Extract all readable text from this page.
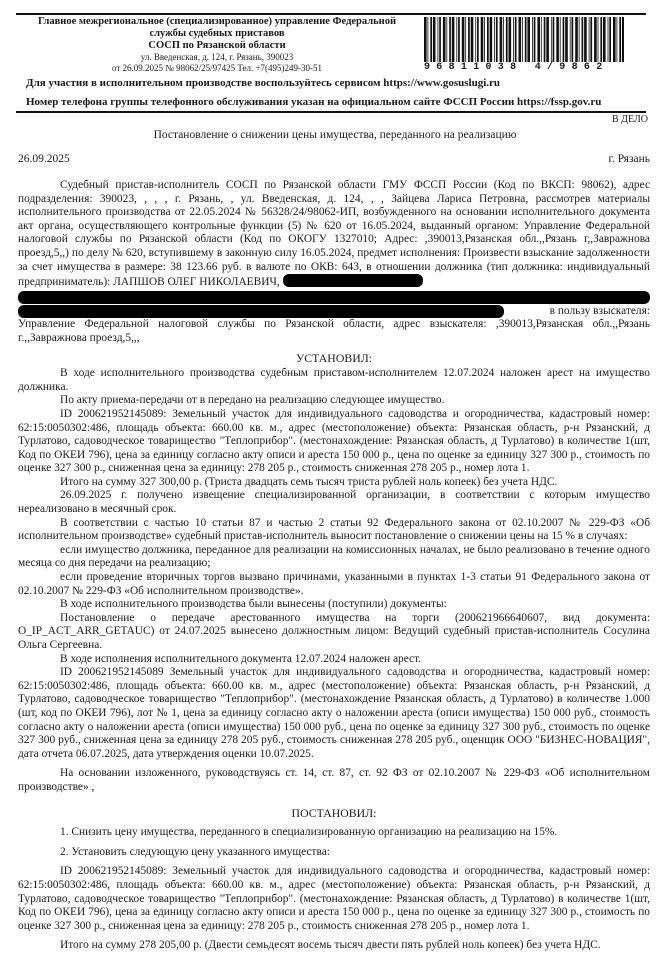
Главное межрегиональное (специализированное) управление Федеральной
службы судебных приставов
СОСП по Рязанской области
ул. Введенская, д. 124, г. Рязань, 390023
от 26.09.2025 № 98062/25/97425 Тел. +7(495)249-30-51	96811038 4/9862
Для участия в исполнительном производстве воспользуйтесь сервисом https://www.gosuslugi.ru
Номер телефона группы телефонного обслуживания указан на официальном сайте ФССП России https://fssp.gov.ru
В ДЕЛО
Постановление о снижении цены имущества, переданного на реализацию
26.09.2025	г. Рязань

Судебный пристав-исполнитель СОСП по Рязанской области ГМУ ФССП России (Код по ВКСП: 98062), адрес подразделения: 390023, , , , г. Рязань, , ул. Введенская, д. 124, , , Зайцева Лариса Петровна, рассмотрев материалы исполнительного производства от 22.05.2024 № 56328/24/98062-ИП, возбужденного на основании исполнительного документа акт органа, осуществляющего контрольные функции (5) № 620 от 16.05.2024, выданный органом: Управление Федеральной налоговой службы по Рязанской области (Код по ОКОГУ 1327010; Адрес: ,390013,Рязанская обл.,,Рязань г,,Завражнова проезд,5,,) по делу № 620, вступившему в законную силу 16.05.2024, предмет исполнения: Произвести взыскание задолженности за счет имущества в размере: 38 123.66 руб. в валюте по ОКВ: 643, в отношении должника (тип должника: индивидуальный предприниматель): ЛАПШОВ ОЛЕГ НИКОЛАЕВИЧ,

в пользу взыскателя:

Управление Федеральной налоговой службы по Рязанской области, адрес взыскателя: ,390013,Рязанская обл.,,Рязань г.,,Завражнова проезд,5,,,

УСТАНОВИЛ:

В ходе исполнительного производства судебным приставом-исполнителем 12.07.2024 наложен арест на имущество должника.

По акту приема-передачи от в передано на реализацию следующее имущество.

ID 200621952145089: Земельный участок для индивидуального садоводства и огородничества, кадастровый номер: 62:15:0050302:486, площадь объекта: 660.00 кв. м., адрес (местоположение) объекта: Рязанская область, р-н Рязанский, д Турлатово, садоводческое товарищество "Теплоприбор". (местонахождение: Рязанская область, д Турлатово) в количестве 1(шт, Код по ОКЕИ 796), цена за единицу согласно акту описи и ареста 150 000 р., цена по оценке за единицу 327 300 р., стоимость по оценке 327 300 р., сниженная цена за единицу: 278 205 р., стоимость сниженная 278 205 р., номер лота 1.

Итого на сумму 327 300,00 р. (Триста двадцать семь тысяч триста рублей ноль копеек) без учета НДС.

26.09.2025 г. получено извещение специализированной организации, в соответствии с которым имущество нереализовано в месячный срок.

В соответствии с частью 10 статьи 87 и частью 2 статьи 92 Федерального закона от 02.10.2007 № 229-ФЗ «Об исполнительном производстве» судебный пристав-исполнитель выносит постановление о снижении цены на 15 % в случаях:

если имущество должника, переданное для реализации на комиссионных началах, не было реализовано в течение одного месяца со дня передачи на реализацию;

если проведение вторичных торгов вызвано причинами, указанными в пунктах 1-3 статьи 91 Федерального закона от 02.10.2007 № 229-ФЗ «Об исполнительном производстве».

В ходе исполнительного производства были вынесены (поступили) документы:

Постановление о передаче арестованного имущества на торги (200621966640607, вид документа: O_IP_ACT_ARR_GETAUC) от 24.07.2025 вынесено должностным лицом: Ведущий судебный пристав-исполнитель Сосулина Ольга Сергеевна.

В ходе исполнения исполнительного документа 12.07.2024 наложен арест.

ID 200621952145089 Земельный участок для индивидуального садоводства и огородничества, кадастровый номер: 62:15:0050302:486, площадь объекта: 660.00 кв. м., адрес (местоположение) объекта: Рязанская область, р-н Рязанский, д Турлатово, садоводческое товарищество "Теплоприбор". (местонахождение Рязанская область, д Турлатово) в количестве 1.000 (шт, код по ОКЕИ 796), лот № 1, цена за единицу согласно акту о наложении ареста (описи имущества) 150 000 руб., стоимость согласно акту о наложении ареста (описи имущества) 150 000 руб., цена по оценке за единицу 327 300 руб., стоимость по оценке 327 300 руб., сниженная цена за единицу 278 205 руб., стоимость сниженная 278 205 руб., оценщик ООО "БИЗНЕС-НОВАЦИЯ", дата отчета 06.07.2025, дата утверждения оценки 10.07.2025.

На основании изложенного, руководствуясь ст. 14, ст. 87, ст. 92 ФЗ от 02.10.2007 № 229-ФЗ «Об исполнительном производстве» ,

ПОСТАНОВИЛ:

1. Снизить цену имущества, переданного в специализированную организацию на реализацию на 15%.

2. Установить следующую цену указанного имущества:

ID 200621952145089: Земельный участок для индивидуального садоводства и огородничества, кадастровый номер: 62:15:0050302:486, площадь объекта: 660.00 кв. м., адрес (местоположение) объекта: Рязанская область, р-н Рязанский, д Турлатово, садоводческое товарищество "Теплоприбор". (местонахождение: Рязанская область, д Турлатово) в количестве 1(шт, Код по ОКЕИ 796), цена за единицу согласно акту описи и ареста 150 000 р., цена по оценке за единицу 327 300 р., стоимость по оценке 327 300 р., сниженная цена за единицу: 278 205 р., стоимость сниженная 278 205 р., номер лота 1.

Итого на сумму 278 205,00 р. (Двести семьдесят восемь тысяч двести пять рублей ноль копеек) без учета НДС.
